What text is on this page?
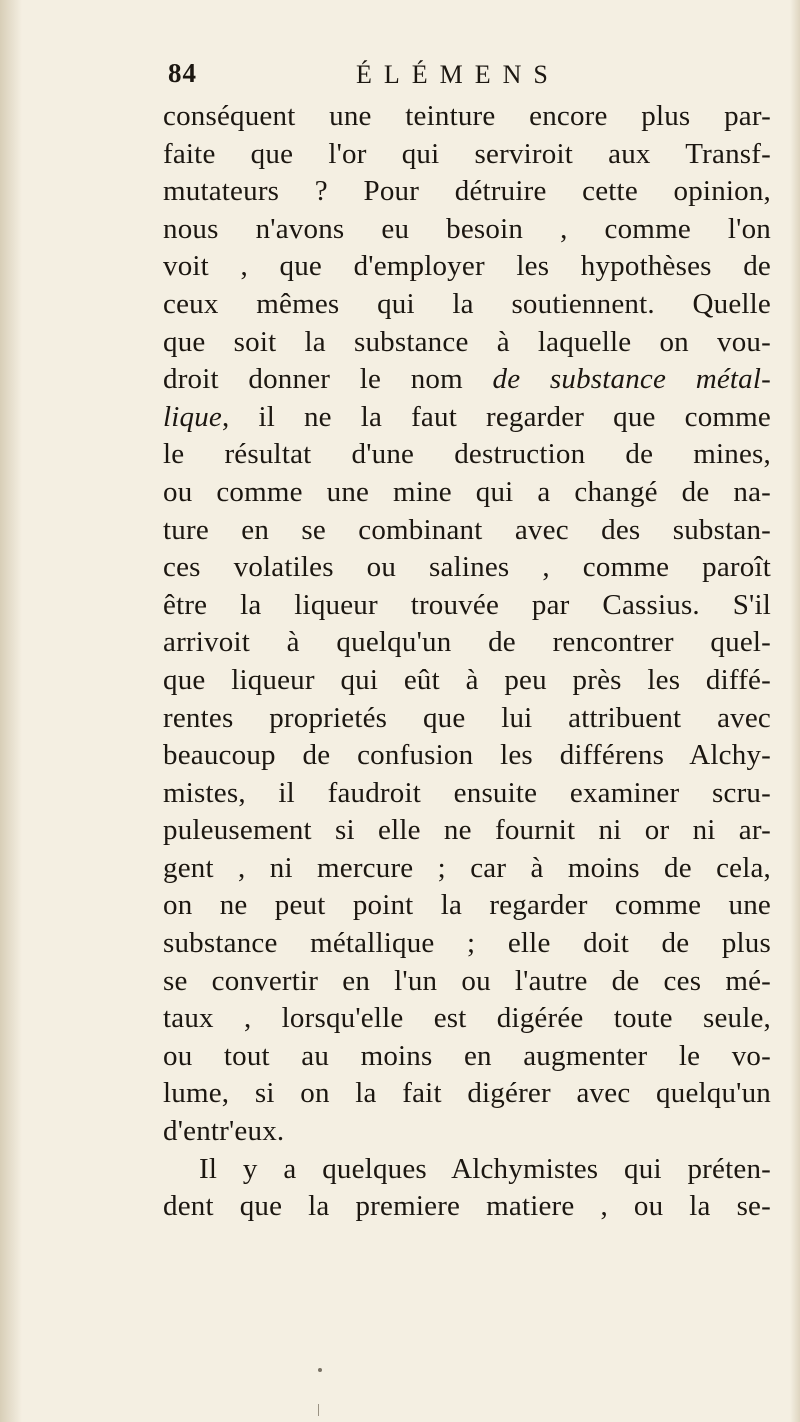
84	ÉLÉMENS
conséquent une teinture encore plus par-
faite que l'or qui serviroit aux Transf-
mutateurs ? Pour détruire cette opinion,
nous n'avons eu besoin , comme l'on
voit , que d'employer les hypothèses de
ceux mêmes qui la soutiennent. Quelle
que soit la substance à laquelle on vou-
droit donner le nom de substance métal-
lique, il ne la faut regarder que comme
le résultat d'une destruction de mines,
ou comme une mine qui a changé de na-
ture en se combinant avec des substan-
ces volatiles ou salines , comme paroît
être la liqueur trouvée par Cassius. S'il
arrivoit à quelqu'un de rencontrer quel-
que liqueur qui eût à peu près les diffé-
rentes proprietés que lui attribuent avec
beaucoup de confusion les différens Alchy-
mistes, il faudroit ensuite examiner scru-
puleusement si elle ne fournit ni or ni ar-
gent , ni mercure ; car à moins de cela,
on ne peut point la regarder comme une
substance métallique ; elle doit de plus
se convertir en l'un ou l'autre de ces mé-
taux , lorsqu'elle est digérée toute seule,
ou tout au moins en augmenter le vo-
lume, si on la fait digérer avec quelqu'un
d'entr'eux.
Il y a quelques Alchymistes qui préten-
dent que la premiere matiere , ou la se-
